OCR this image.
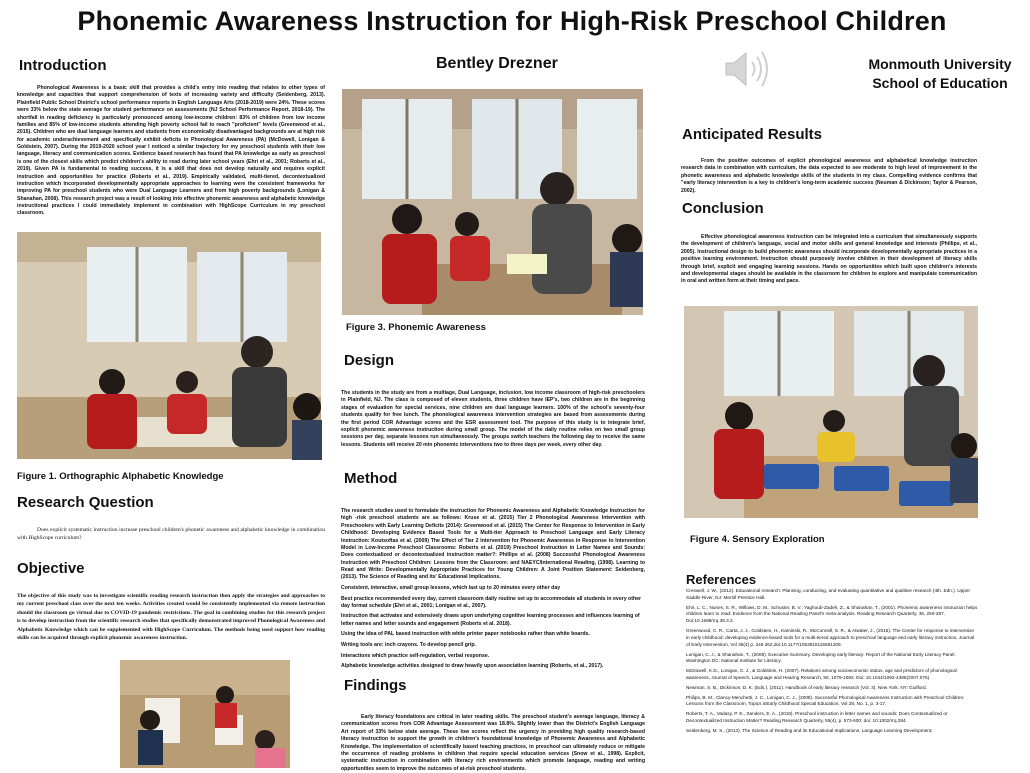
Phonemic Awareness Instruction for High-Risk Preschool Children
Introduction

Phonological Awareness is a basic skill that provides a child's entry into reading that relates to other types of knowledge and capacities that support comprehension of texts of increasing variety and difficulty (Seidenberg, 2013). Plainfield Public School District's school performance reports in English Language Arts (2018-2019) were 24%. These scores were 33% below the state average for student performance on assessments (NJ School Performance Report, 2018-19). The shortfall in reading deficiency is particularly pronounced among low-income children: 83% of children from low income families and 85% of low-income students attending high poverty school fail to reach "proficient" levels (Greenwood et al., 2015). Children who are dual language learners and students from economically disadvantaged backgrounds are at high risk for academic underachievement and specifically exhibit deficits in Phonological Awareness (PA) (McDowell, Lonigan & Goldstein, 2007). During the 2019-2020 school year I noticed a similar trajectory for my preschool students with their low language, literacy and communication scores. Evidence based research has found that PA knowledge as early as preschool is one of the closest skills which predict children's ability to read during later school years (Ehri et al., 2001; Roberts et al., 2019). Given PA is fundamental to reading success, it is a skill that does not develop naturally and requires explicit instruction and opportunities for practice (Roberts et al., 2019). Empirically validated, multi-tiered, decontextualized instruction which incorporated developmentally appropriate approaches to learning were the consistent frameworks for improving PA for preschool students who were Dual Language Learners and from high poverty backgrounds (Lonigan & Shanahan, 2008). This research project was a result of looking into effective phonemic awareness and alphabetic knowledge instructional practices I could immediately implement in combination with HighScope Curriculum in my preschool classroom.

Figure 1. Orthographic Alphabetic Knowledge
Research Question
Does explicit systematic instruction increase preschool children's phonetic awareness and alphabetic knowledge in combination with HighScope curriculum?
Objective
The objective of this study was to investigate scientific reading research instruction then apply the strategies and approaches to my current preschool class over the next ten weeks. Activities created would be consistently implemented via remote instruction should the classroom go virtual due to COVID-19 pandemic restrictions. The goal in combining studies for this research project is to develop instruction from the scientific research studies that specifically demonstrated improved Phonological Awareness and Alphabetic Knowledge which can be supplemented with HighScope Curriculum. The methods being used support how reading skills can be acquired through explicit phonemic awareness instruction.
Bentley Drezner
Figure 3. Phonemic Awareness
Design

The students in the study are from a multiage, Dual Language, inclusion, low income classroom of high-risk preschoolers in Plainfield, NJ. The class is composed of eleven students, three children have IEP's, two children are in the beginning stages of evaluation for special services, nine children are dual language learners. 100% of the school's seventy-four students qualify for free lunch. The phonological awareness intervention strategies are based from assessments during the first period COR Advantage scores and the ESR assessment tool. The purpose of this study is to integrate brief, explicit phonemic awareness instruction during small group. The model of the daily routine relies on two small group sessions per day, separate lessons run simultaneously. The groups switch teachers the following day to receive the same lessons. Students will receive 20 min phonemic interventions two to three days per week, every other day.

Method

The research studies used to formulate the instruction for Phonemic Awareness and Alphabetic Knowledge Instruction for high -risk preschool students are as follows: Kruse et al. (2015) Tier 2 Phonological Awareness Intervention with Preschoolers with Early Learning Deficits (2014): Greenwood et al. (2015) The Center for Response to Intervention in Early Childhood: Developing Evidence Based Tools for a Multi-tier Approach to Preschool Language and Early Literacy Instruction: Koutsoftas et al. (2009) The Effect of Tier 2 Intervention for Phonemic Awareness in Response to Intervention Model in Low-Income Preschool Classrooms: Roberts et al. (2019) Preschool Instruction in Letter Names and Sounds: Does contextualized or decontextualized instruction matter?: Phillips et al. (2008) Successful Phonological Awareness Instruction with Preschool Children: Lessons from the Classroom: and NAEYC/International Reading, (1998). Learning to Read and Write: Developmentally Appropriate Practices for Young Children: A Joint Position Statement: Seidenberg, (2013). The Science of Reading and its' Educational Implications.

Consistent, interactive, small group lessons, which last up to 20 minutes every other day

Best practice recommended every day, current classroom daily routine set up to accommodate all students in every other day format schedule (Ehri et al., 2001; Lonigan et al., 2007).

Instruction that activates and extensively draws upon underlying cognitive learning processes and influences learning of letter names and letter sounds and engagement (Roberts et al. 2018).

Using the idea of PAL based instruction with white printer paper notebooks rather than white boards.

Writing tools are: inch crayons. To develop pencil grip.

Interactions which practice self-regulation, verbal response.

Alphabetic knowledge activities designed to draw heavily upon association learning (Roberts, et al., 2017).

Findings

Early literacy foundations are critical in later reading skills. The preschool student's average language, literacy & communication scores from COR Advantage Assessment was 18.8%. Slightly lower than the District's English Language Art report of 33% below state average. These low scores reflect the urgency in providing high quality research-based literacy instruction to support the growth in children's foundational knowledge of Phonemic Awareness and Alphabetic Knowledge. The implementation of scientifically based teaching practices, in preschool can ultimately reduce or mitigate the occurrence of reading problems in children that require special education services (Snow et al., 1998). Explicit, systematic instruction in combination with literacy rich environments which promote language, reading and writing opportunities seem to improve the outcomes of at-risk preschool students.

Monmouth University
School of Education
Anticipated Results

From the positive outcomes of explicit phonological awareness and alphabetical knowledge instruction research data in combination with curriculum, the data expected to see moderate to high level of improvement in the phonetic awareness and alphabetic knowledge skills of the students in my class. Compelling evidence confirms that "early literacy intervention is a key to children's long-term academic success (Neuman & Dickinson; Taylor & Pearson, 2002).

Conclusion

Effective phonological awareness instruction can be integrated into a curriculum that simultaneously supports the development of children's language, social and motor skills and general knowledge and interests (Phillips, et al., 2005). Instructional design to build phonemic awareness should incorporate developmentally appropriate practices in a positive learning environment. Instruction should purposely involve children in their development of literacy skills through brief, explicit and engaging learning sessions. Hands on opportunities which built upon children's interests and developmental stages should be available in the classroom for children to explore and manipulate communication in oral and written form at their timing and pace.

Figure 4. Sensory Exploration
References

Creswell, J. W., (2012). Educational research: Planning, conducting, and evaluating quantitative and qualitive research (4th. Edn.). Upper Saddle River, NJ: Merrill Prentice Hall.

Ehri, L. C., Nunes, S. R., Willows, D. M., Schuster, B. V., Yaghoub-Zadeh, Z., & Shanahan, T., (2001). Phonemic awareness instruction helps children learn to read: Evidence from the National Reading Panel's meta-analysis. Reading Research Quarterly, 36, 250-287. Doi:10.1598/rrq.36.3.2.

Greenwood, C. R., Carta, J. J., Goldstein, H., Kaminski, R., McConnell, S. R., & Atwater, J., (2015). The Center for response to intervention in early childhood: developing evidence-based tools for a multi-tiered approach to preschool language and early literacy instruction, Journal of Early Intervention, Vol 36(4) p. 246 262,doi:10.1177/1053815115581209.

Lonigan, C. J., & Shanahan, T., (2008). Executive Summary. Developing early literacy: Report of the National Early Literacy Panel. Washington DC: National Institute for Literacy.

McDowell, K.D., Lonigan, C. J., & Goldstein, H. (2007). Relations among socioeconomic status, age and predictors of phonological awareness, Journal of Speech, Language and Hearing Research, 50, 1079-1092. Doi: 10.1044/1092-4388(2007.075).

Newman, S. B., Dickinson, D. K. (Eds.). (2011). Handbook of early literacy research (Vol. 3). New York, NY: Guilford.

Philips, B. M., Clancy-Menchetti, J. C., Lonigan, C. J., (2008). Successful Phonological Awareness Instruction with Preschool Children: Lessons from the Classroom, Topics inEarly Childhood Special Education, Vol 28, No. 1, p. 3-17.

Roberts, T. A., Vadasy, P. E., Sanders, E. A., (2019). Preschool instruction in letter names and sounds: Does Contextualized or Decontextualized Instruction Matter? Reading Research Quarterly, 55(4), p. 573-600: doi: 10.1002/rrq.284.

Seidenberg, M. S., (2013). The Science of Reading and its Educational Implications, Language Learning Development;
